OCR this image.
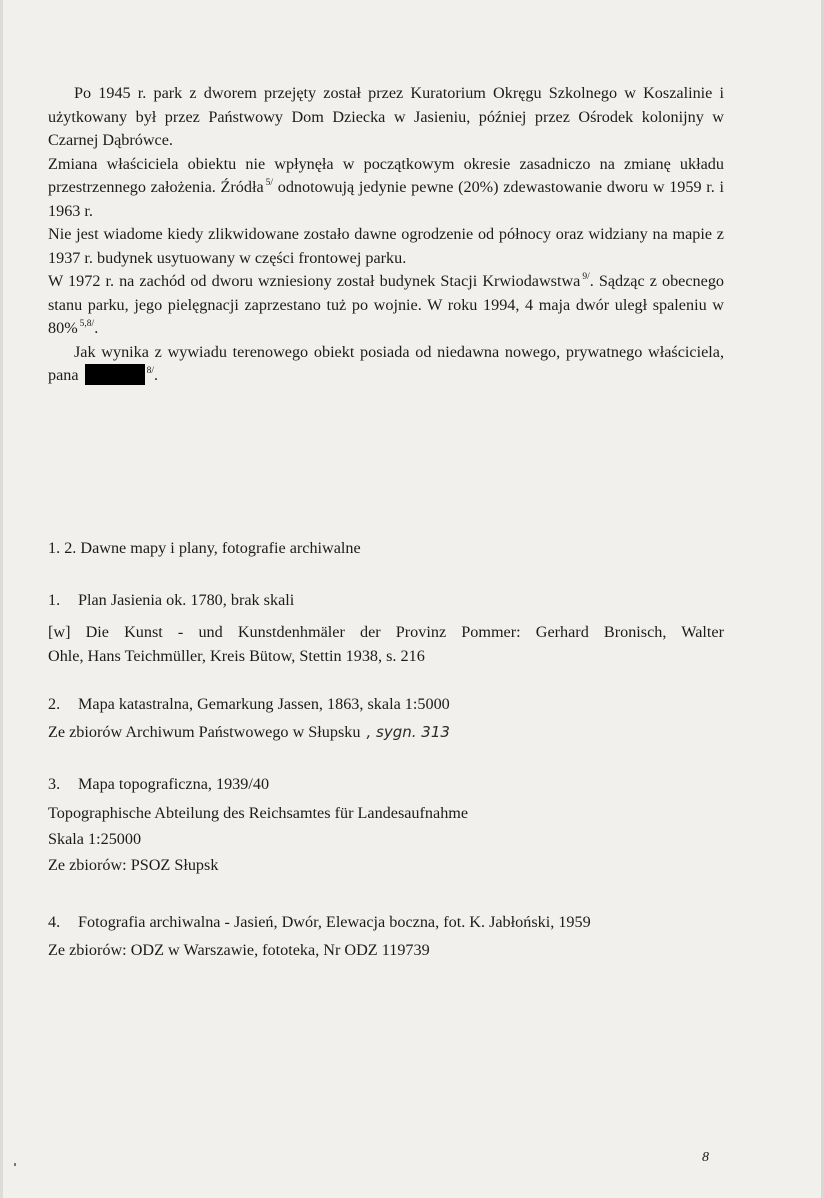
Po 1945 r. park z dworem przejęty został przez Kuratorium Okręgu Szkolnego w Koszalinie i użytkowany był przez Państwowy Dom Dziecka w Jasieniu, później przez Ośrodek kolonijny w Czarnej Dąbrówce.

Zmiana właściciela obiektu nie wpłynęła w początkowym okresie zasadniczo na zmianę układu przestrzennego założenia. Źródła $^{5/}$ odnotowują jedynie pewne (20%) zdewastowanie dworu w 1959 r. i 1963 r.

Nie jest wiadome kiedy zlikwidowane zostało dawne ogrodzenie od północy oraz widziany na mapie z 1937 r. budynek usytuowany w części frontowej parku.

W 1972 r. na zachód od dworu wzniesiony został budynek Stacji Krwiodawstwa $^{9/}$. Sądząc z obecnego stanu parku, jego pielęgnacji zaprzestano tuż po wojnie. W roku 1994, 4 maja dwór uległ spaleniu w 80% $^{5,8/}$.

Jak wynika z wywiadu terenowego obiekt posiada od niedawna nowego, prywatnego właściciela, pana	$^{8/}$.

1. 2. Dawne mapy i plany, fotografie archiwalne

1. Plan Jasienia ok. 1780, brak skali

[w] Die Kunst - und Kunstdenhmäler der Provinz Pommer: Gerhard Bronisch, Walter

Ohle, Hans Teichmüller, Kreis Bütow, Stettin 1938, s. 216

2. Mapa katastralna, Gemarkung Jassen, 1863, skala 1:5000

Ze zbiorów Archiwum Państwowego w Słupsku , sygn. 313

3. Mapa topograficzna, 1939/40

Topographische Abteilung des Reichsamtes für Landesaufnahme

Skala 1:25000

Ze zbiorów: PSOZ Słupsk

4. Fotografia archiwalna - Jasień, Dwór, Elewacja boczna, fot. K. Jabłoński, 1959

Ze zbiorów: ODZ w Warszawie, fototeka, Nr ODZ 119739

8
